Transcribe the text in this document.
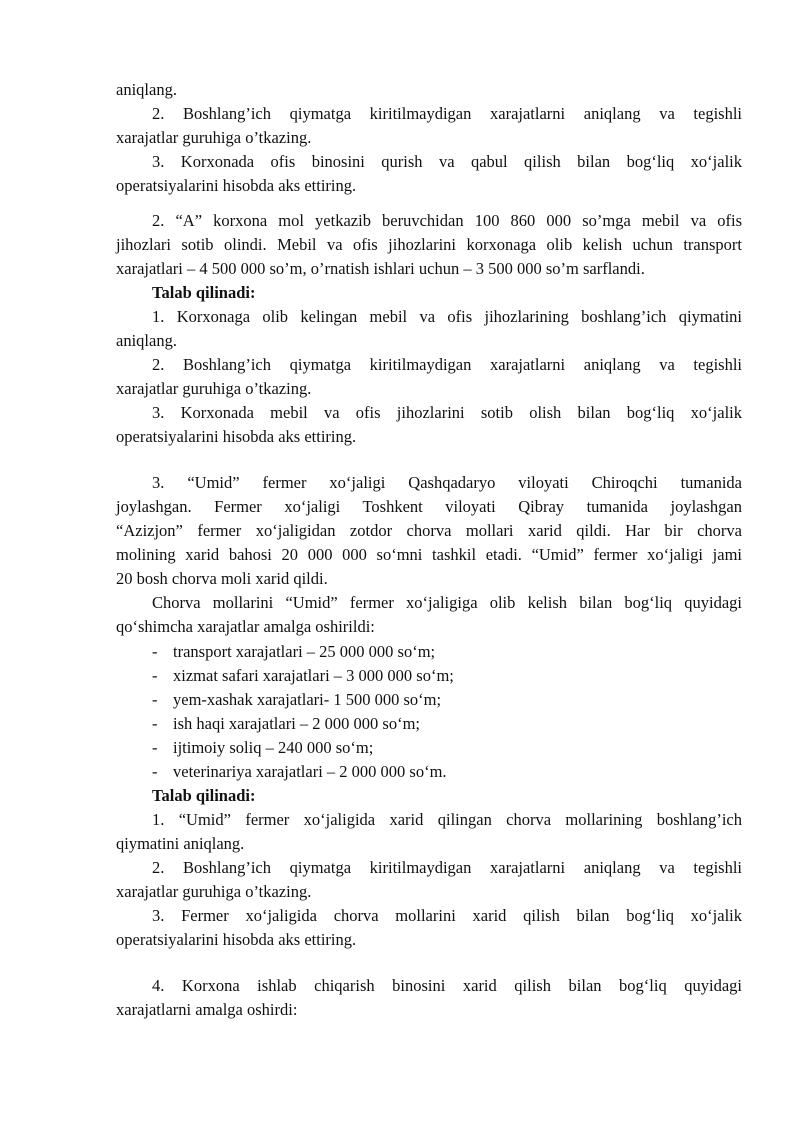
aniqlang.
2. Boshlang’ich qiymatga kiritilmaydigan xarajatlarni aniqlang va tegishli
xarajatlar guruhiga o’tkazing.
3. Korxonada ofis binosini qurish va qabul qilish bilan bog‘liq xo‘jalik
operatsiyalarini hisobda aks ettiring.
2. “A” korxona mol yetkazib beruvchidan 100 860 000 so’mga mebil va ofis
jihozlari sotib olindi. Mebil va ofis jihozlarini korxonaga olib kelish uchun transport
xarajatlari – 4 500 000 so’m, o’rnatish ishlari uchun – 3 500 000 so’m sarflandi.
Talab qilinadi:
1. Korxonaga olib kelingan mebil va ofis jihozlarining boshlang’ich qiymatini
aniqlang.
2. Boshlang’ich qiymatga kiritilmaydigan xarajatlarni aniqlang va tegishli
xarajatlar guruhiga o’tkazing.
3. Korxonada mebil va ofis jihozlarini sotib olish bilan bog‘liq xo‘jalik
operatsiyalarini hisobda aks ettiring.
3. “Umid” fermer xo‘jaligi Qashqadaryo viloyati Chiroqchi tumanida
joylashgan. Fermer xo‘jaligi Toshkent viloyati Qibray tumanida joylashgan
“Azizjon” fermer xo‘jaligidan zotdor chorva mollari xarid qildi. Har bir chorva
molining xarid bahosi 20 000 000 so‘mni tashkil etadi. “Umid” fermer xo‘jaligi jami
20 bosh chorva moli xarid qildi.
Chorva mollarini “Umid” fermer xo‘jaligiga olib kelish bilan bog‘liq quyidagi
qo‘shimcha xarajatlar amalga oshirildi:
- transport xarajatlari – 25 000 000 so‘m;
- xizmat safari xarajatlari – 3 000 000 so‘m;
- yem-xashak xarajatlari- 1 500 000 so‘m;
- ish haqi xarajatlari – 2 000 000 so‘m;
- ijtimoiy soliq – 240 000 so‘m;
- veterinariya xarajatlari – 2 000 000 so‘m.
Talab qilinadi:
1. “Umid” fermer xo‘jaligida xarid qilingan chorva mollarining boshlang’ich
qiymatini aniqlang.
2. Boshlang’ich qiymatga kiritilmaydigan xarajatlarni aniqlang va tegishli
xarajatlar guruhiga o’tkazing.
3. Fermer xo‘jaligida chorva mollarini xarid qilish bilan bog‘liq xo‘jalik
operatsiyalarini hisobda aks ettiring.
4. Korxona ishlab chiqarish binosini xarid qilish bilan bog‘liq quyidagi
xarajatlarni amalga oshirdi:
